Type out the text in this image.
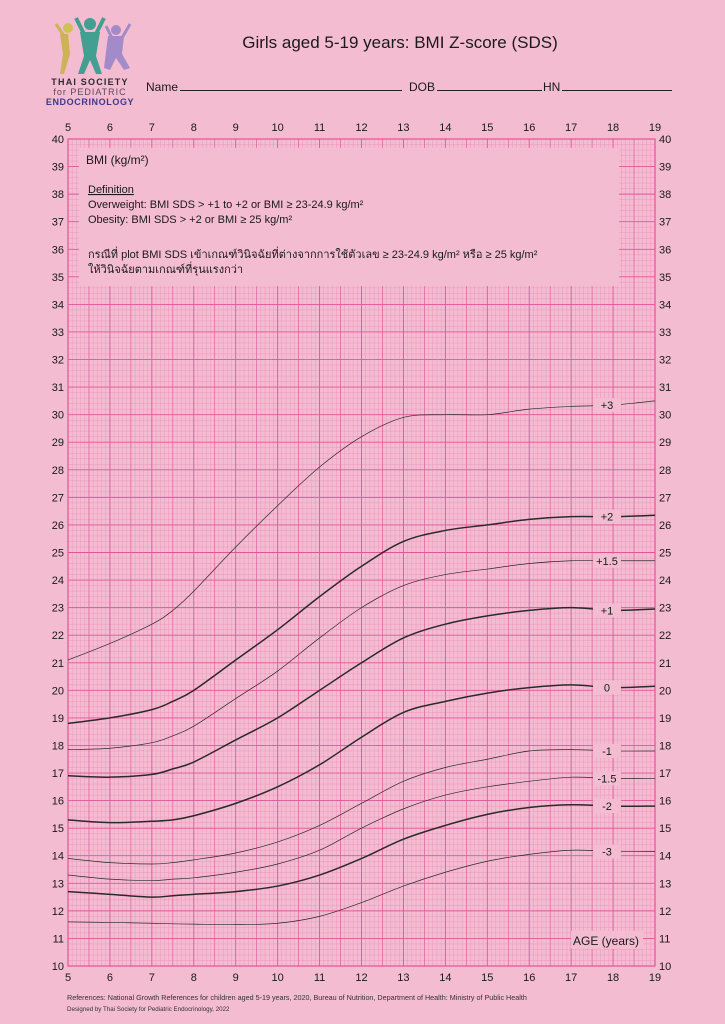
THAI SOCIETY
for PEDIATRIC
ENDOCRINOLOGY
Girls aged 5-19 years: BMI Z-score (SDS)
Name	DOB	HN
5
5
6
6
7
7
8
8
9
9
10
10
11
11
12
12
13
13
14
14
15
15
16
16
17
17
18
18
19
19
10	10
11	11
12	12
13	13
14	14
15	15
16	16
17	17
18	18
19	19
20	20
21	21
22	22
23	23
24	24
25	25
26	26
27	27
28	28
29	29
30	30
31	31
32	32
33	33
34	34
35	35
36	36
37	37
38	38
39	39
40	40
BMI (kg/m²)
Definition
Overweight: BMI SDS > +1 to +2 or BMI ≥ 23-24.9 kg/m²
Obesity: BMI SDS > +2 or BMI ≥ 25 kg/m²
กรณีที่ plot BMI SDS เข้าเกณฑ์วินิจฉัยที่ต่างจากการใช้ตัวเลข ≥ 23-24.9 kg/m² หรือ ≥ 25 kg/m²
ให้วินิจฉัยตามเกณฑ์ที่รุนแรงกว่า
+3
+2
+1.5
+1
0
-1
-1.5
-2
-3
AGE (years)
References: National Growth References for children aged 5-19 years, 2020, Bureau of Nutrition, Department of Health: Ministry of Public Health
Designed by Thai Society for Pediatric Endocrinology, 2022
